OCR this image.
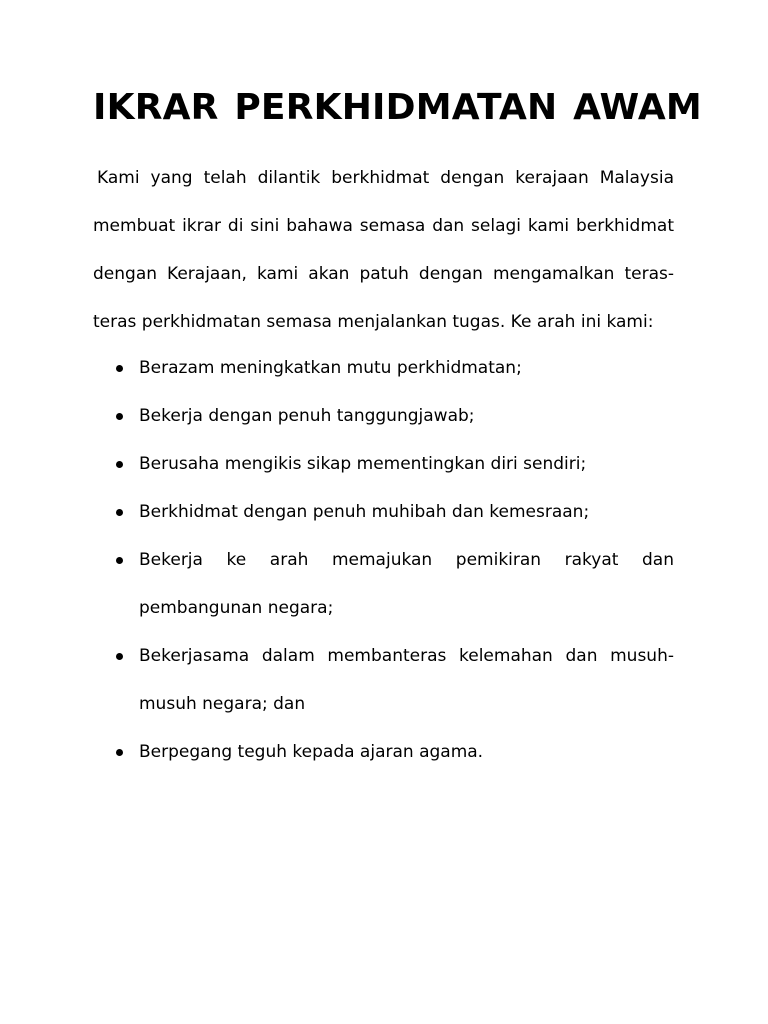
IKRAR PERKHIDMATAN AWAM

Kami yang telah dilantik berkhidmat dengan kerajaan Malaysia membuat ikrar di sini bahawa semasa dan selagi kami berkhidmat dengan Kerajaan, kami akan patuh dengan mengamalkan teras-teras perkhidmatan semasa menjalankan tugas. Ke arah ini kami:

Berazam meningkatkan mutu perkhidmatan;
Bekerja dengan penuh tanggungjawab;
Berusaha mengikis sikap mementingkan diri sendiri;
Berkhidmat dengan penuh muhibah dan kemesraan;
Bekerja ke arah memajukan pemikiran rakyat dan pembangunan negara;
Bekerjasama dalam membanteras kelemahan dan musuh-musuh negara; dan
Berpegang teguh kepada ajaran agama.
